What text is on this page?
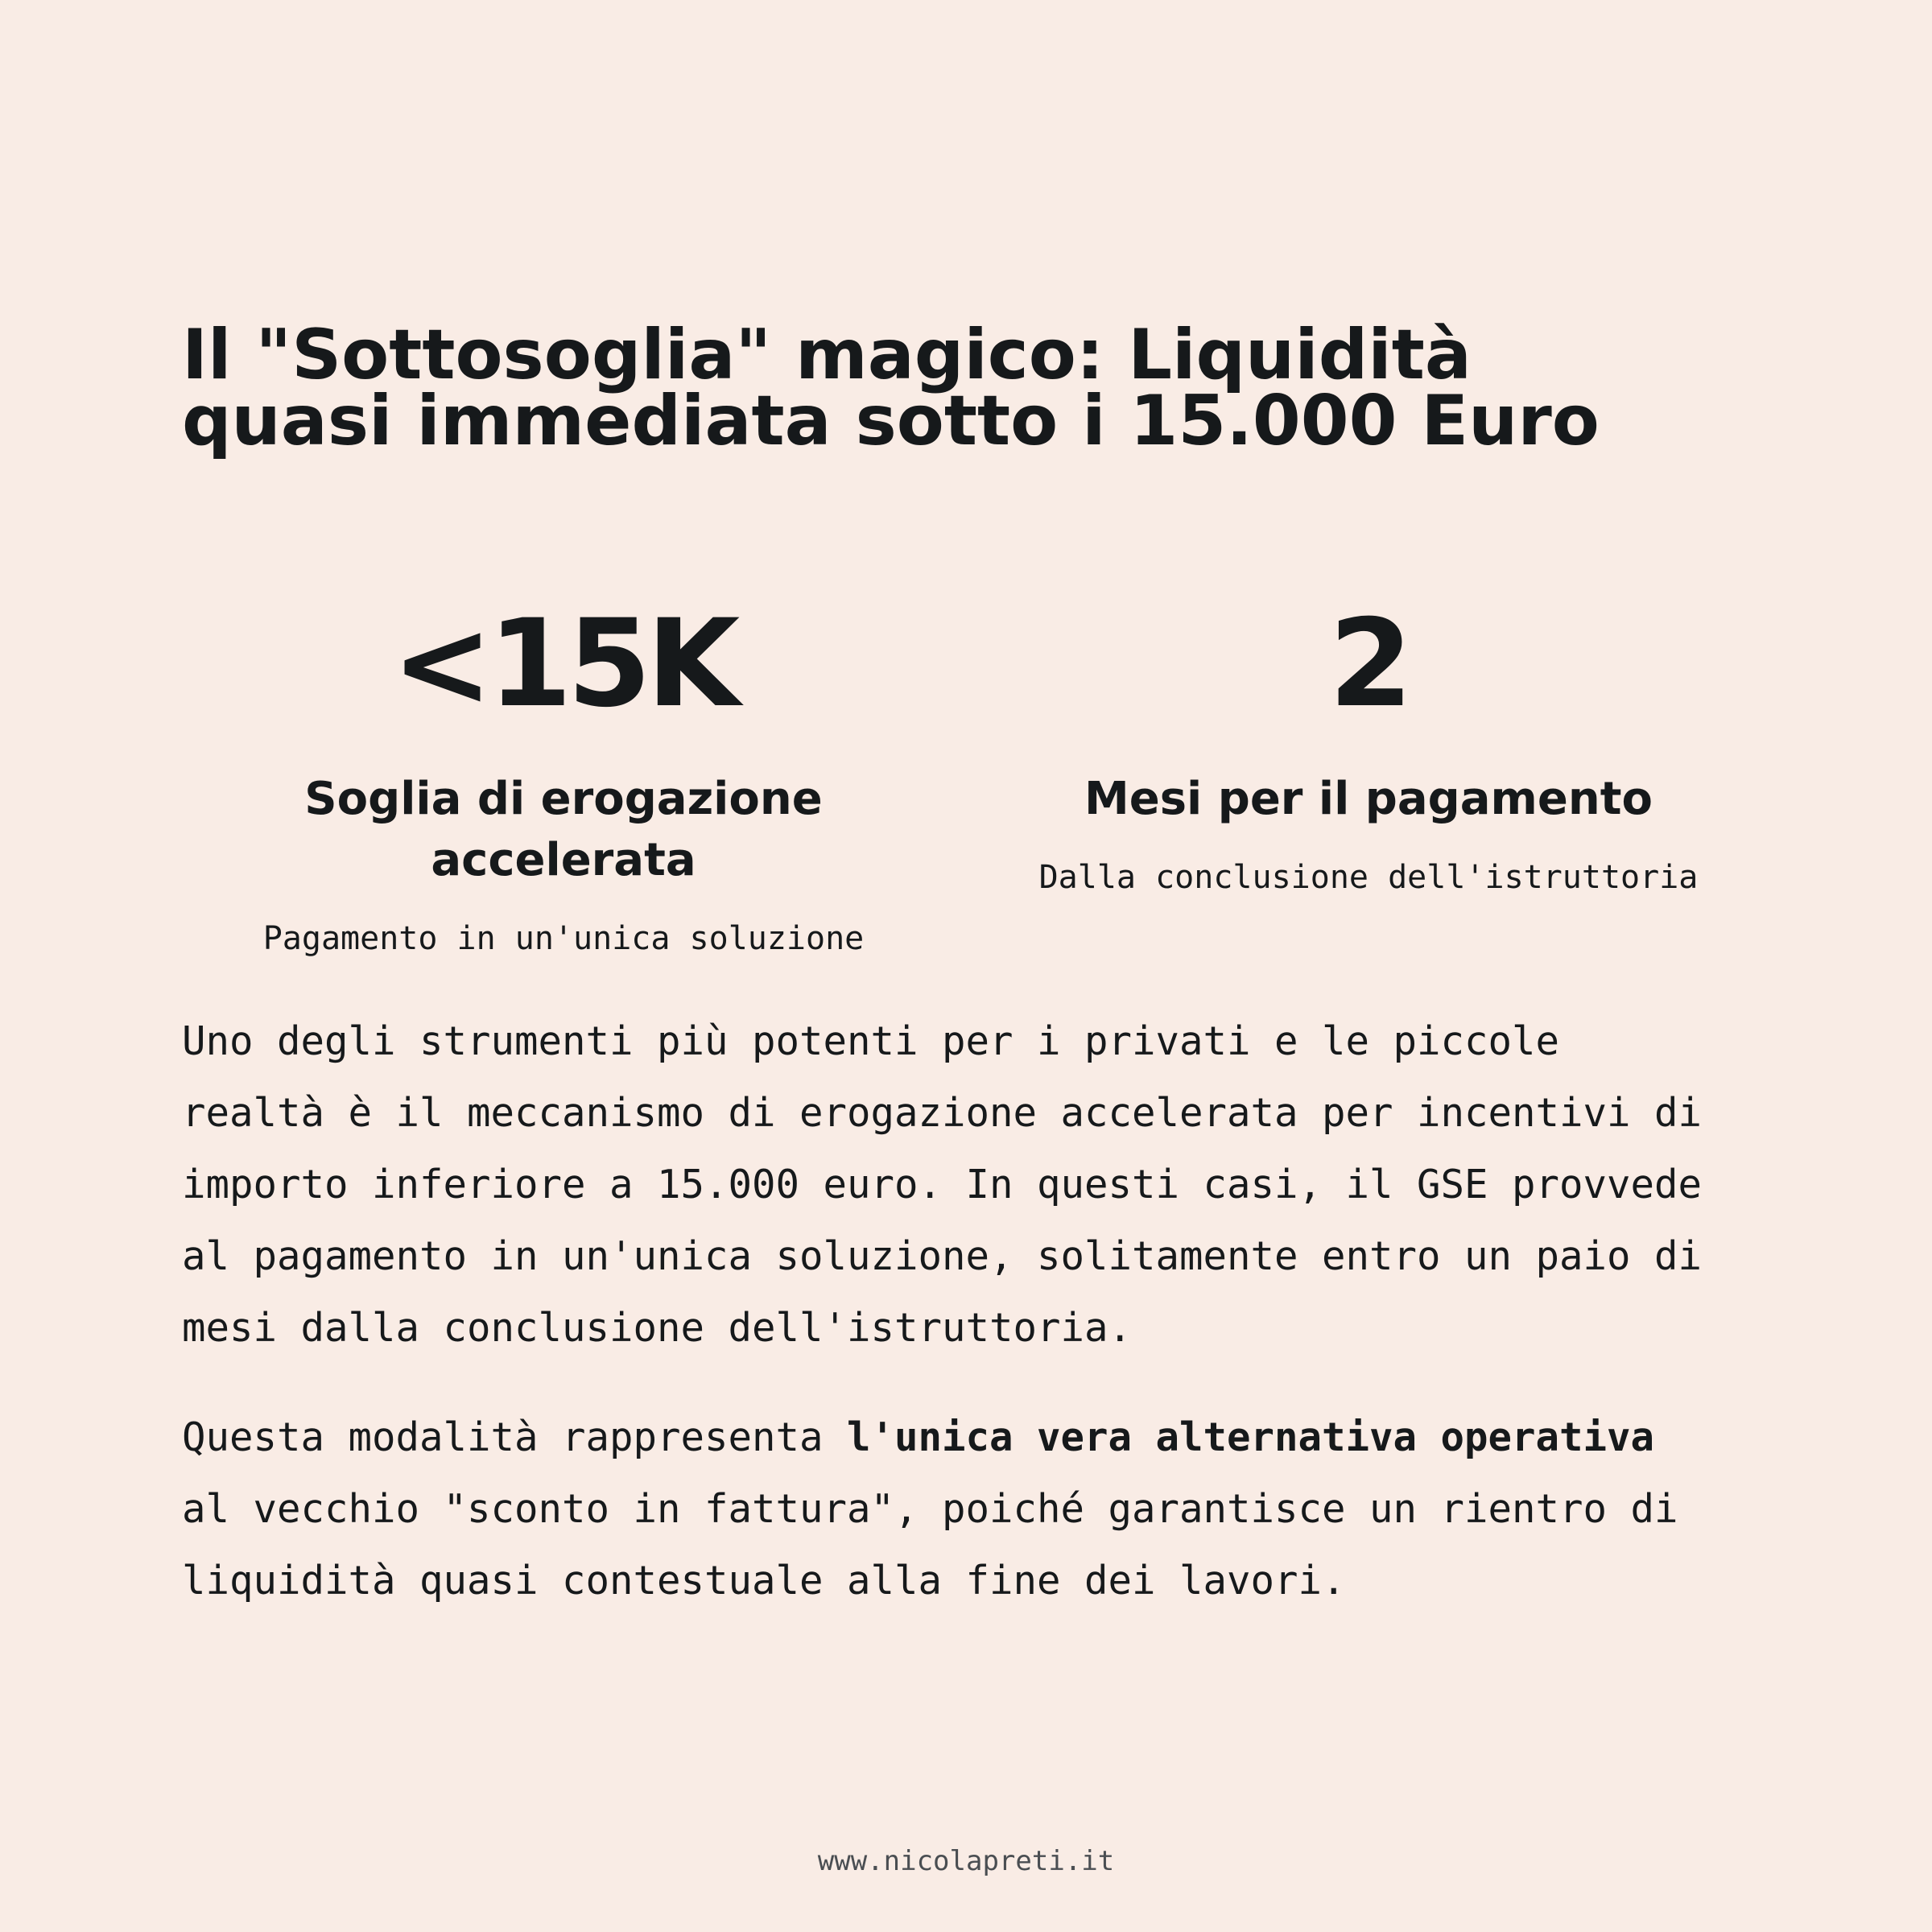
Il "Sottosoglia" magico: Liquidità
quasi immediata sotto i 15.000 Euro
<15K
Soglia di erogazione
accelerata
Pagamento in un'unica soluzione
2
Mesi per il pagamento
Dalla conclusione dell'istruttoria

Uno degli strumenti più potenti per i privati e le piccole
realtà è il meccanismo di erogazione accelerata per incentivi di
importo inferiore a 15.000 euro. In questi casi, il GSE provvede
al pagamento in un'unica soluzione, solitamente entro un paio di
mesi dalla conclusione dell'istruttoria.

Questa modalità rappresenta l'unica vera alternativa operativa
al vecchio "sconto in fattura", poiché garantisce un rientro di
liquidità quasi contestuale alla fine dei lavori.

www.nicolapreti.it
